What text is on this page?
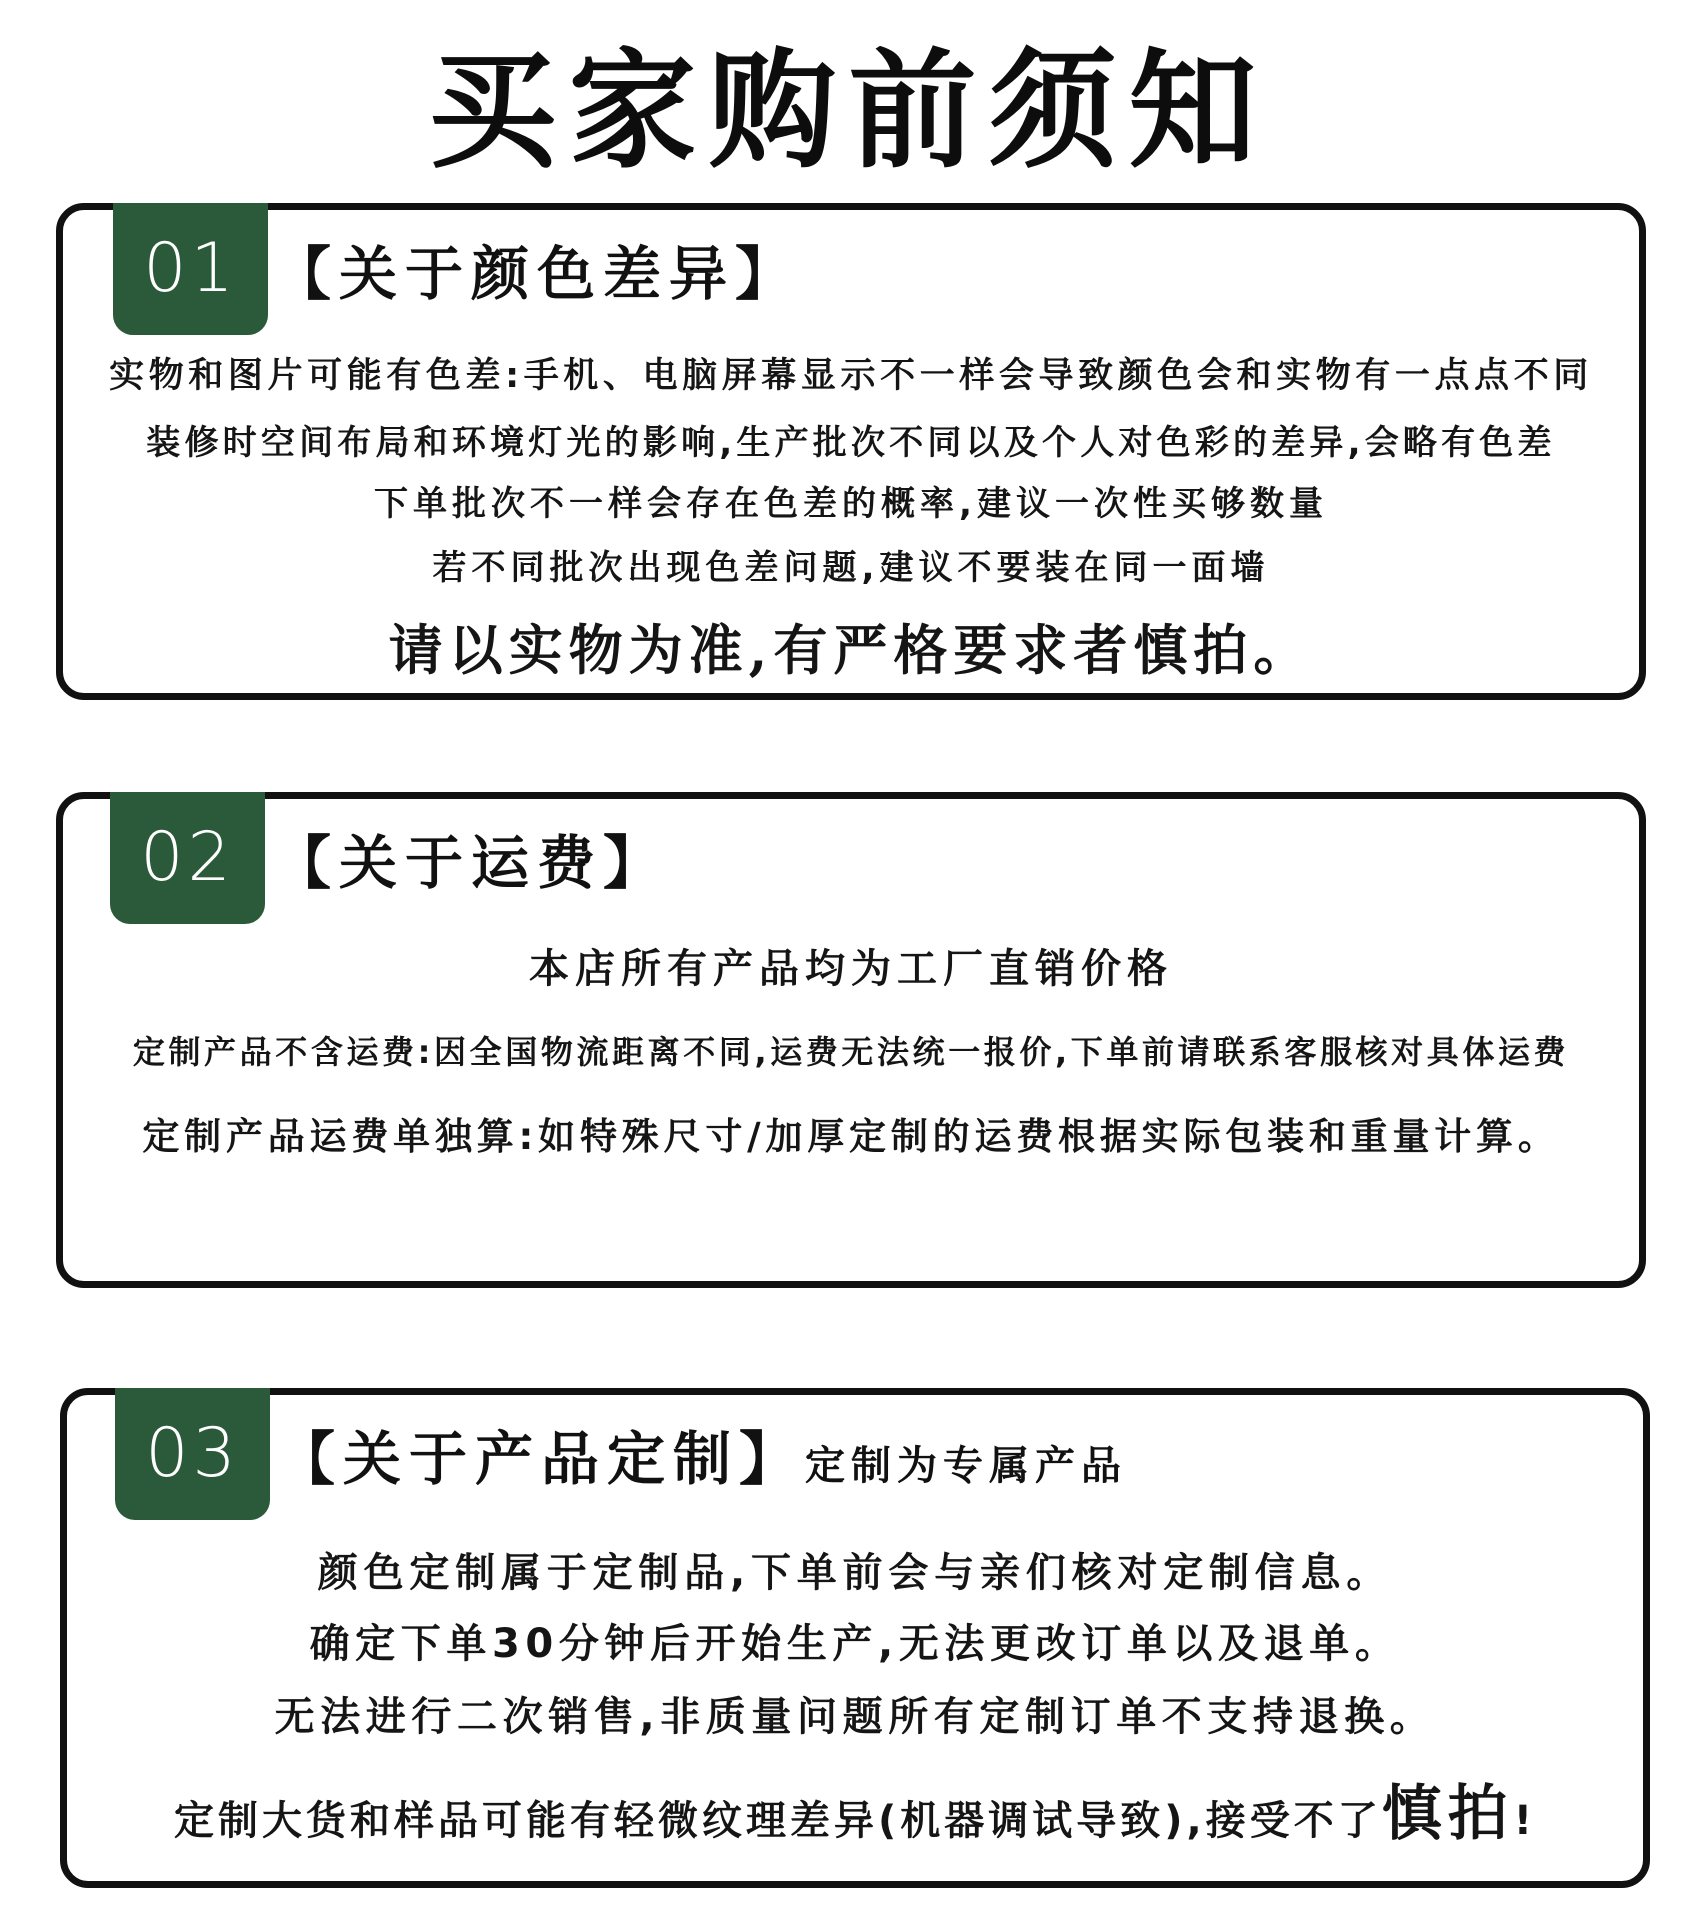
买家购前须知
01 【关于颜色差异】
实物和图片可能有色差:手机、电脑屏幕显示不一样会导致颜色会和实物有一点点不同
装修时空间布局和环境灯光的影响,生产批次不同以及个人对色彩的差异,会略有色差
下单批次不一样会存在色差的概率,建议一次性买够数量
若不同批次出现色差问题,建议不要装在同一面墙
请以实物为准,有严格要求者慎拍。
02 【关于运费】
本店所有产品均为工厂直销价格
定制产品不含运费:因全国物流距离不同,运费无法统一报价,下单前请联系客服核对具体运费
定制产品运费单独算:如特殊尺寸/加厚定制的运费根据实际包装和重量计算。
03 【关于产品定制】定制为专属产品
颜色定制属于定制品,下单前会与亲们核对定制信息。
确定下单30分钟后开始生产,无法更改订单以及退单。
无法进行二次销售,非质量问题所有定制订单不支持退换。
定制大货和样品可能有轻微纹理差异(机器调试导致),接受不了慎拍!
